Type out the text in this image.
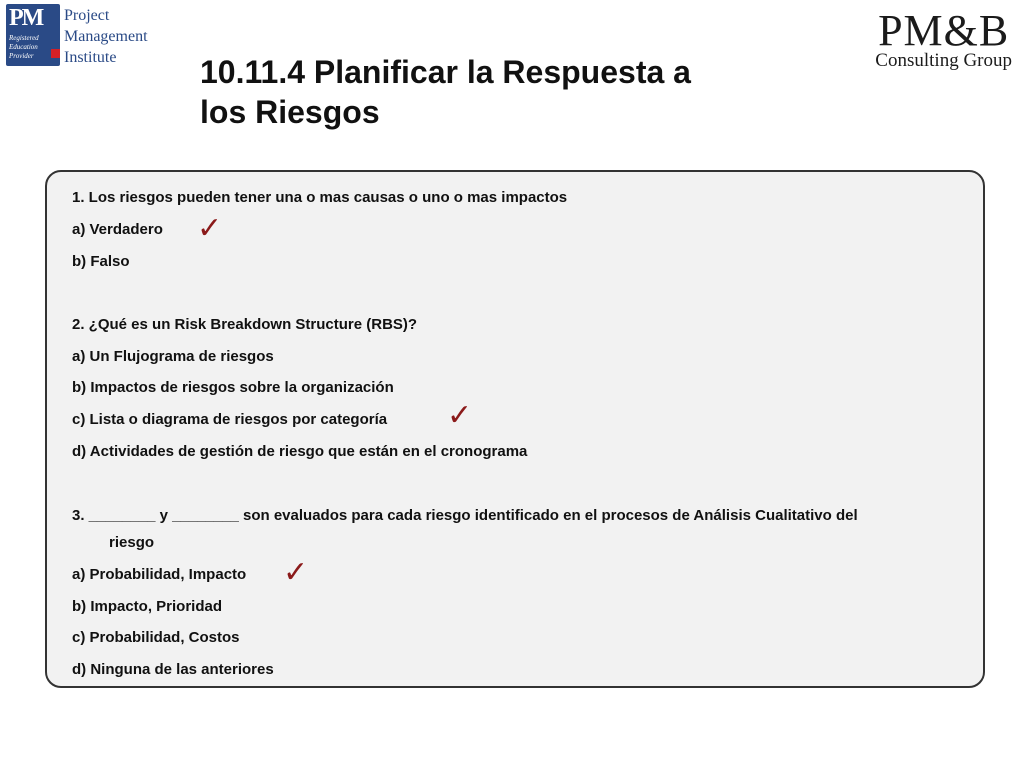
PM
Registered
Education
Provider
Project
Management
Institute
PM&B
Consulting Group
10.11.4 Planificar la Respuesta a
los Riesgos
1. Los riesgos pueden tener una o mas causas o uno o mas impactos
a) Verdadero ✓
b) Falso
2. ¿Qué es un Risk Breakdown Structure (RBS)?
a) Un Flujograma de riesgos
b) Impactos de riesgos sobre la organización
c) Lista o diagrama de riesgos por categoría ✓
d) Actividades de gestión de riesgo que están en el cronograma
3. ________ y ________ son evaluados para cada riesgo identificado en el procesos de Análisis Cualitativo del
riesgo
a) Probabilidad, Impacto ✓
b) Impacto, Prioridad
c) Probabilidad, Costos
d) Ninguna de las anteriores
